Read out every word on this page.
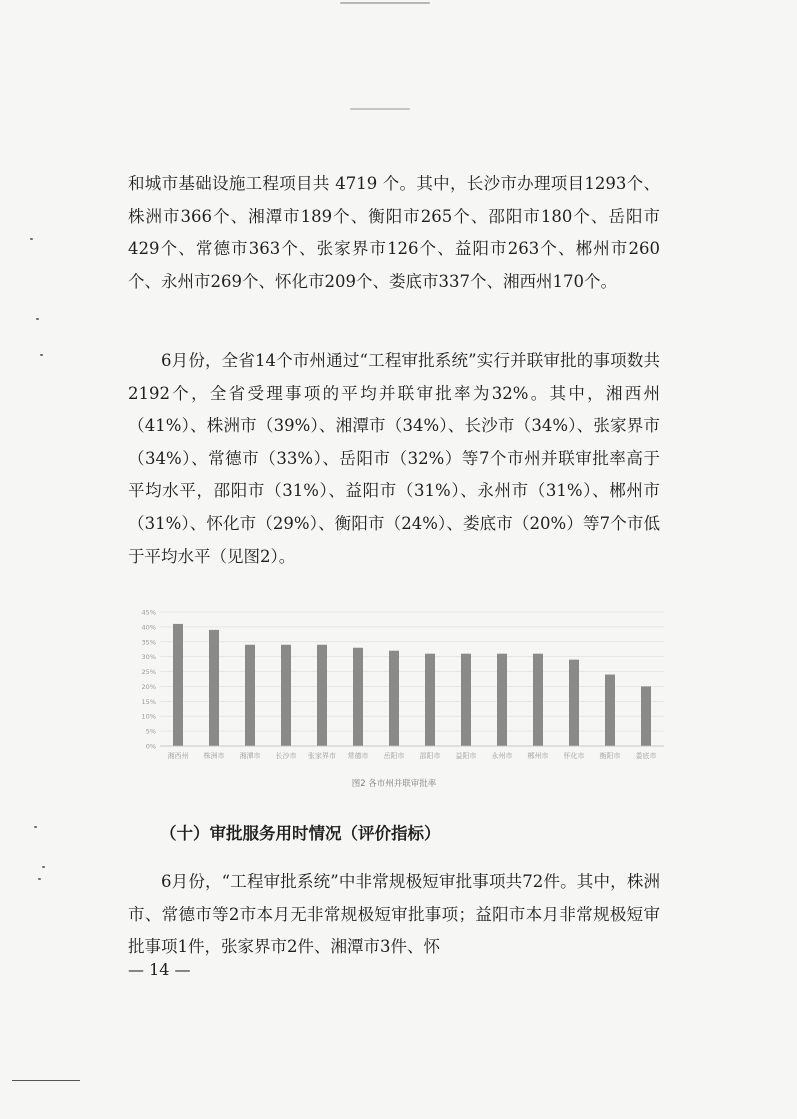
和城市基础设施工程项目共 4719 个。其中，长沙市办理项目1293个、株洲市366个、湘潭市189个、衡阳市265个、邵阳市180个、岳阳市429个、常德市363个、张家界市126个、益阳市263个、郴州市260个、永州市269个、怀化市209个、娄底市337个、湘西州170个。

6月份，全省14个市州通过“工程审批系统”实行并联审批的事项数共2192个，全省受理事项的平均并联审批率为32%。其中，湘西州（41%）、株洲市（39%）、湘潭市（34%）、长沙市（34%）、张家界市（34%）、常德市（33%）、岳阳市（32%）等7个市州并联审批率高于平均水平，邵阳市（31%）、益阳市（31%）、永州市（31%）、郴州市（31%）、怀化市（29%）、衡阳市（24%）、娄底市（20%）等7个市低于平均水平（见图2）。

0%
5%
10%
15%
20%
25%
30%
35%
40%
45%
湘西州 株洲市 湘潭市 长沙市 张家界市 常德市 岳阳市 邵阳市 益阳市 永州市 郴州市 怀化市 衡阳市 娄底市
图2 各市州并联审批率

（十）审批服务用时情况（评价指标）

6月份，“工程审批系统”中非常规极短审批事项共72件。其中，株洲市、常德市等2市本月无非常规极短审批事项；益阳市本月非常规极短审批事项1件，张家界市2件、湘潭市3件、怀

— 14 —
